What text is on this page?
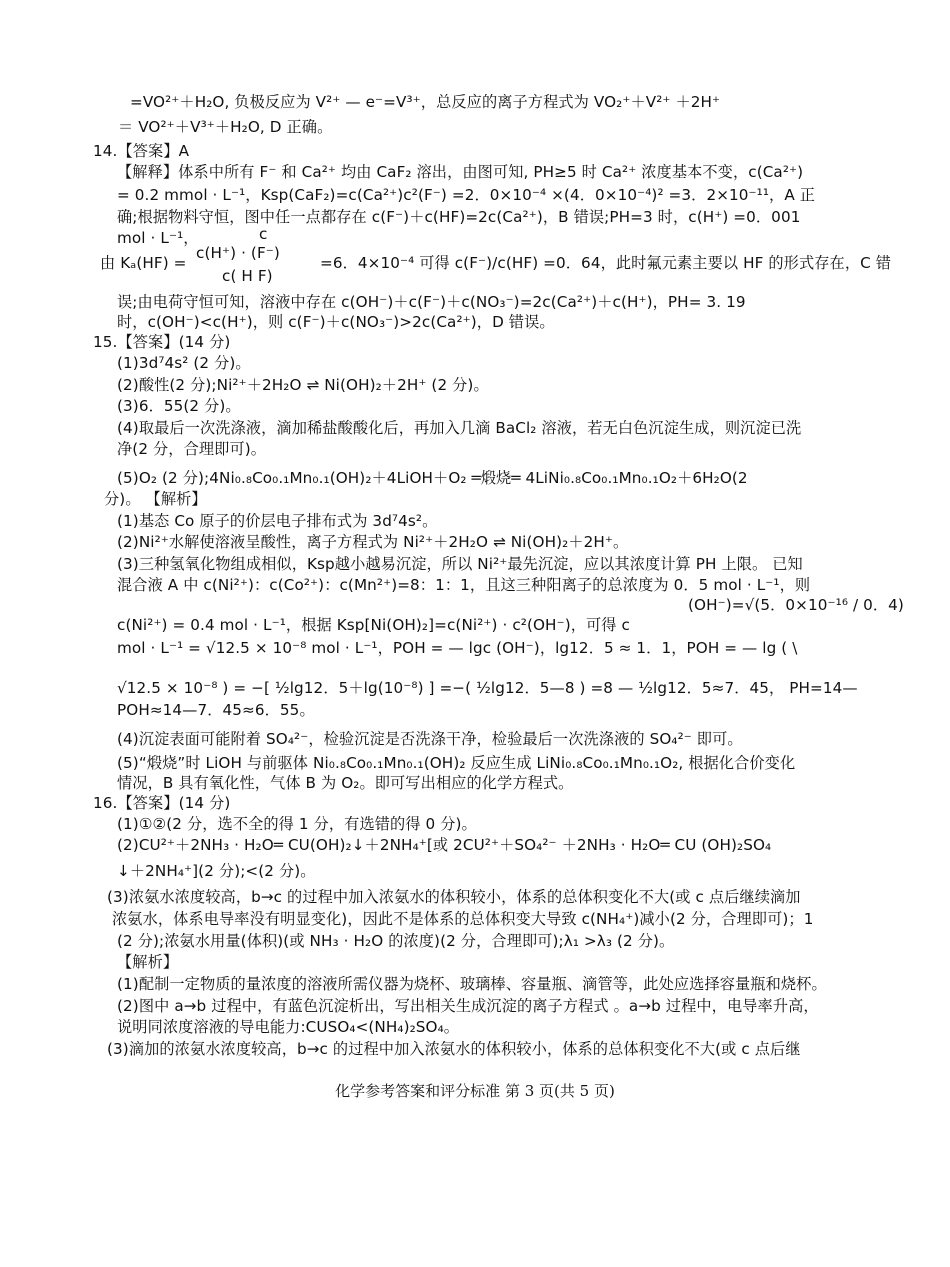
=VO²⁺＋H₂O, 负极反应为 V²⁺ — e⁻=V³⁺，总反应的离子方程式为 VO₂⁺＋V²⁺ ＋2H⁺
＝ VO²⁺＋V³⁺＋H₂O, D 正确。
14.【答案】A
【解释】体系中所有 F⁻ 和 Ca²⁺ 均由 CaF₂ 溶出，由图可知, PH≥5 时 Ca²⁺ 浓度基本不变，c(Ca²⁺)
= 0.2 mmol · L⁻¹，Ksp(CaF₂)=c(Ca²⁺)c²(F⁻) =2．0×10⁻⁴ ×(4．0×10⁻⁴)² =3．2×10⁻¹¹，A 正
确;根据物料守恒，图中任一点都存在 c(F⁻)＋c(HF)=2c(Ca²⁺)，B 错误;PH=3 时，c(H⁺) =0．001
mol · L⁻¹，	c
c(H⁺) · (F⁻)
由 Kₐ(HF) =	=6．4×10⁻⁴ 可得 c(F⁻)/c(HF) =0．64，此时氟元素主要以 HF 的形式存在，C 错
c( H F)
误;由电荷守恒可知，溶液中存在 c(OH⁻)＋c(F⁻)＋c(NO₃⁻)=2c(Ca²⁺)＋c(H⁺)，PH= 3. 19
时，c(OH⁻)<c(H⁺)，则 c(F⁻)＋c(NO₃⁻)>2c(Ca²⁺)，D 错误。
15.【答案】(14 分)
(1)3d⁷4s² (2 分)。
(2)酸性(2 分);Ni²⁺＋2H₂O ⇌ Ni(OH)₂＋2H⁺ (2 分)。
(3)6．55(2 分)。
(4)取最后一次洗涤液，滴加稀盐酸酸化后，再加入几滴 BaCl₂ 溶液，若无白色沉淀生成，则沉淀已洗
净(2 分，合理即可)。
(5)O₂ (2 分);4Ni₀.₈Co₀.₁Mn₀.₁(OH)₂＋4LiOH＋O₂ ═煅烧═ 4LiNi₀.₈Co₀.₁Mn₀.₁O₂＋6H₂O(2
分)。 【解析】
(1)基态 Co 原子的价层电子排布式为 3d⁷4s²。
(2)Ni²⁺水解使溶液呈酸性，离子方程式为 Ni²⁺＋2H₂O ⇌ Ni(OH)₂＋2H⁺。
(3)三种氢氧化物组成相似，Ksp越小越易沉淀，所以 Ni²⁺最先沉淀，应以其浓度计算 PH 上限。 已知
混合液 A 中 c(Ni²⁺)：c(Co²⁺)：c(Mn²⁺)=8：1：1，且这三种阳离子的总浓度为 0．5 mol · L⁻¹，则
(OH⁻)=√(5．0×10⁻¹⁶ / 0．4)
c(Ni²⁺) = 0.4 mol · L⁻¹，根据 Ksp[Ni(OH)₂]=c(Ni²⁺) · c²(OH⁻)，可得 c
mol · L⁻¹ = √12.5 × 10⁻⁸ mol · L⁻¹，POH = — lgc (OH⁻)，lg12．5 ≈ 1．1，POH = — lg ( \
√12.5 × 10⁻⁸ ) = −[ ½lg12．5＋lg(10⁻⁸) ] =−( ½lg12．5—8 ) =8 — ½lg12．5≈7．45， PH=14—
POH≈14—7．45≈6．55。
(4)沉淀表面可能附着 SO₄²⁻，检验沉淀是否洗涤干净，检验最后一次洗涤液的 SO₄²⁻ 即可。
(5)“煅烧”时 LiOH 与前驱体 Ni₀.₈Co₀.₁Mn₀.₁(OH)₂ 反应生成 LiNi₀.₈Co₀.₁Mn₀.₁O₂, 根据化合价变化
情况，B 具有氧化性，气体 B 为 O₂。即可写出相应的化学方程式。
16.【答案】(14 分)
(1)①②(2 分，选不全的得 1 分，有选错的得 0 分)。
(2)CU²⁺＋2NH₃ · H₂O═ CU(OH)₂↓＋2NH₄⁺[或 2CU²⁺＋SO₄²⁻ ＋2NH₃ · H₂O═ CU (OH)₂SO₄
↓＋2NH₄⁺](2 分);<(2 分)。
(3)浓氨水浓度较高，b→c 的过程中加入浓氨水的体积较小，体系的总体积变化不大(或 c 点后继续滴加
浓氨水，体系电导率没有明显变化)，因此不是体系的总体积变大导致 c(NH₄⁺)减小(2 分，合理即可)；1
(2 分);浓氨水用量(体积)(或 NH₃ · H₂O 的浓度)(2 分，合理即可);λ₁ >λ₃ (2 分)。
【解析】
(1)配制一定物质的量浓度的溶液所需仪器为烧杯、玻璃棒、容量瓶、滴管等，此处应选择容量瓶和烧杯。
(2)图中 a→b 过程中，有蓝色沉淀析出，写出相关生成沉淀的离子方程式 。a→b 过程中，电导率升高，
说明同浓度溶液的导电能力:CUSO₄<(NH₄)₂SO₄。
(3)滴加的浓氨水浓度较高，b→c 的过程中加入浓氨水的体积较小，体系的总体积变化不大(或 c 点后继
化学参考答案和评分标准 第 3 页(共 5 页)
